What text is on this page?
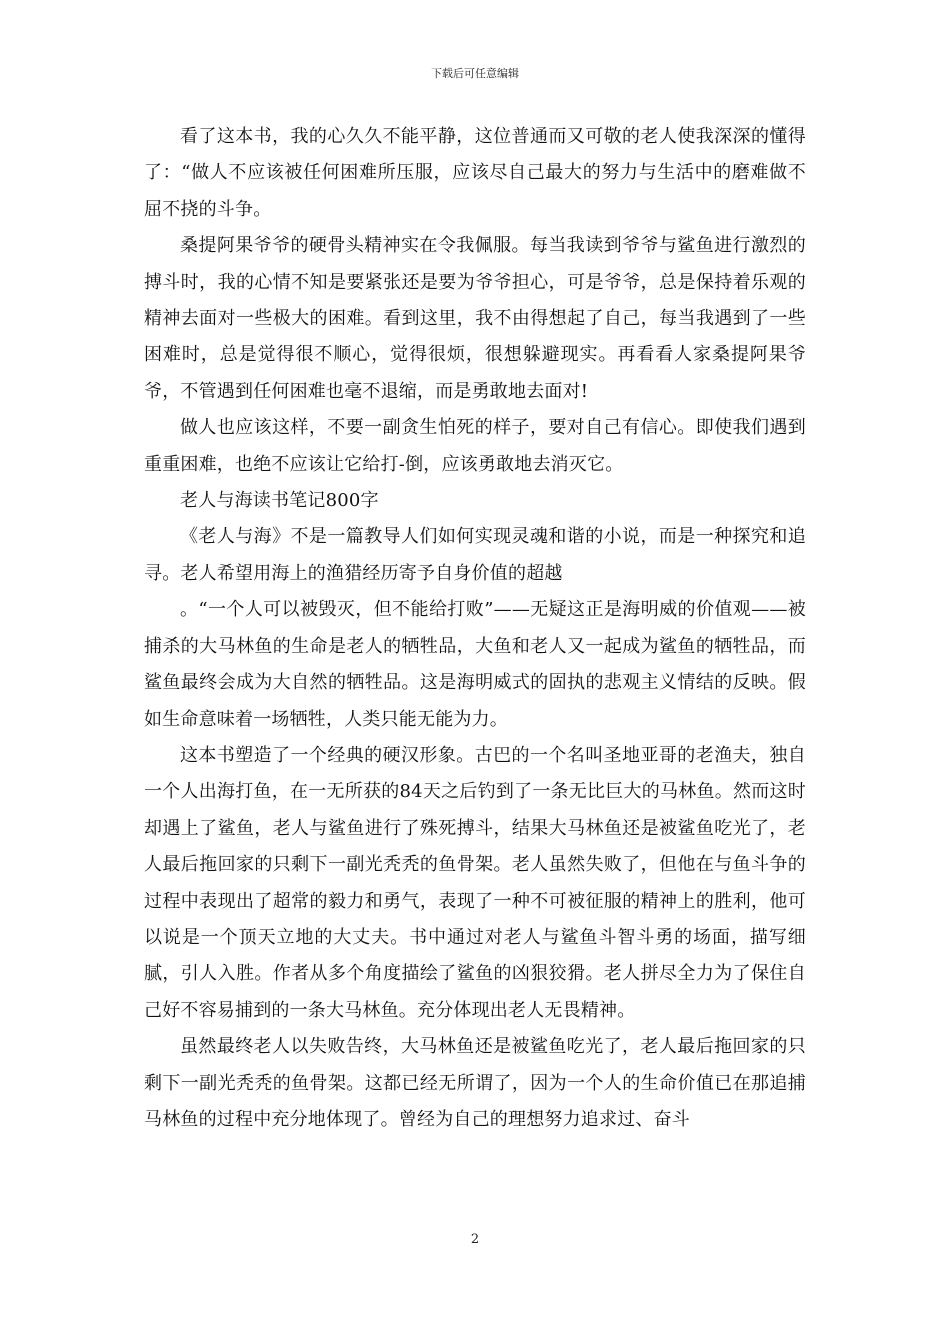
下载后可任意编辑

看了这本书，我的心久久不能平静，这位普通而又可敬的老人使我深深的懂得了：“做人不应该被任何困难所压服，应该尽自己最大的努力与生活中的磨难做不屈不挠的斗争。

桑提阿果爷爷的硬骨头精神实在令我佩服。每当我读到爷爷与鲨鱼进行激烈的搏斗时，我的心情不知是要紧张还是要为爷爷担心，可是爷爷，总是保持着乐观的精神去面对一些极大的困难。看到这里，我不由得想起了自己，每当我遇到了一些困难时，总是觉得很不顺心，觉得很烦，很想躲避现实。再看看人家桑提阿果爷爷，不管遇到任何困难也毫不退缩，而是勇敢地去面对!

做人也应该这样，不要一副贪生怕死的样子，要对自己有信心。即使我们遇到重重困难，也绝不应该让它给打-倒，应该勇敢地去消灭它。

老人与海读书笔记800字

《老人与海》不是一篇教导人们如何实现灵魂和谐的小说，而是一种探究和追寻。老人希望用海上的渔猎经历寄予自身价值的超越

。“一个人可以被毁灭，但不能给打败”——无疑这正是海明威的价值观——被捕杀的大马林鱼的生命是老人的牺牲品，大鱼和老人又一起成为鲨鱼的牺牲品，而鲨鱼最终会成为大自然的牺牲品。这是海明威式的固执的悲观主义情结的反映。假如生命意味着一场牺牲，人类只能无能为力。

这本书塑造了一个经典的硬汉形象。古巴的一个名叫圣地亚哥的老渔夫，独自一个人出海打鱼，在一无所获的84天之后钓到了一条无比巨大的马林鱼。然而这时却遇上了鲨鱼，老人与鲨鱼进行了殊死搏斗，结果大马林鱼还是被鲨鱼吃光了，老人最后拖回家的只剩下一副光秃秃的鱼骨架。老人虽然失败了，但他在与鱼斗争的过程中表现出了超常的毅力和勇气，表现了一种不可被征服的精神上的胜利，他可以说是一个顶天立地的大丈夫。书中通过对老人与鲨鱼斗智斗勇的场面，描写细腻，引人入胜。作者从多个角度描绘了鲨鱼的凶狠狡猾。老人拼尽全力为了保住自己好不容易捕到的一条大马林鱼。充分体现出老人无畏精神。

虽然最终老人以失败告终，大马林鱼还是被鲨鱼吃光了，老人最后拖回家的只剩下一副光秃秃的鱼骨架。这都已经无所谓了，因为一个人的生命价值已在那追捕马林鱼的过程中充分地体现了。曾经为自己的理想努力追求过、奋斗

2
